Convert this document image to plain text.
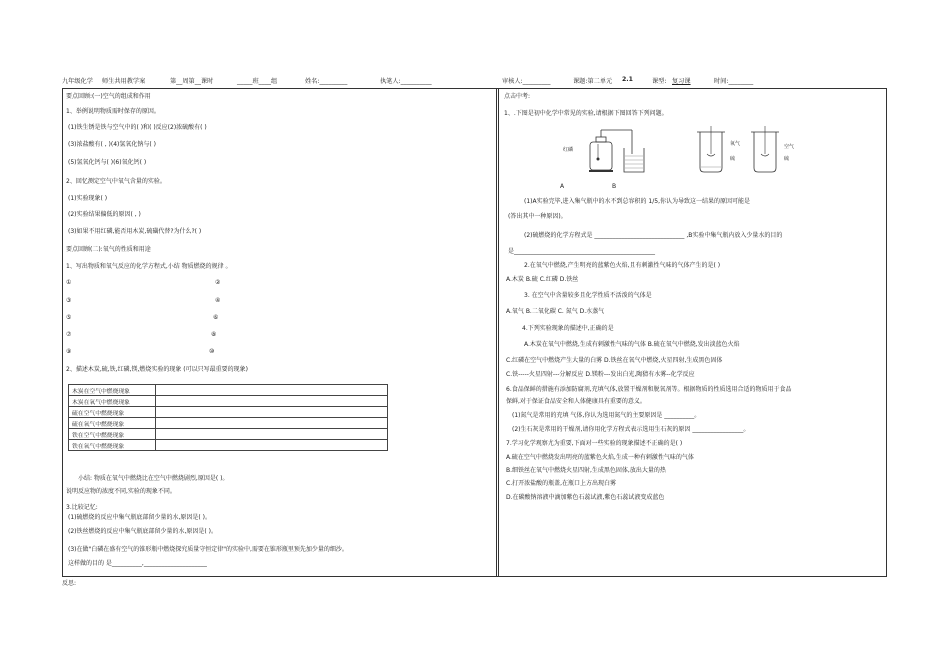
九年级化学 师生共用教学案	第__周第__课时	_____班____组	姓名:_________	执笔人:__________	审核人:_________	课题:第二单元 2.1	课型: 复习课	时间:________
要点回顾:(一)空气的组成和作用
1、举例说明物质需时保存的原因。
(1)铁生锈是铁与空气中的( )和( )反应(2)浓硫酸有( )
(3)浓盐酸有( , )(4)氢氧化钠与( )
(5)氢氧化钙与( )(6)氧化钙( )
2、回忆测定空气中氧气含量的实验。
(1)实验现象( )
(2)实验结果偏低的原因( , )
(3)如果不用红磷,能否用木炭,硫磺代替?为什么?( )
要点回顾(二):氧气的性质和用途
1、写出物质和氧气反应的化学方程式,小结 物质燃烧的规律 。
①	②
③	④
⑤	⑥
⑦	⑧
⑨	⑩
2、描述木炭,硫,铁,红磷,镁,燃烧实验的现象 (可以只写最重要的现象)
木炭在空气中燃烧现象	
木炭在氧气中燃烧现象	
硫在空气中燃烧现象	
硫在氧气中燃烧现象	
铁在空气中燃烧现象	
铁在氧气中燃烧现象	
小结: 物质在氧气中燃烧比在空气中燃烧剧烈,原因是( )。
说明反应物的浓度不同,实验的现象不同。
3.比较记忆:
(1)硫燃烧的反应中集气瓶底部留少量的水,原因是( )。
(2)铁丝燃烧的反应中集气瓶底部留少量的水,原因是( )。
(3)在做"白磷在盛有空气的锥形瓶中燃烧探究质量守恒定律"的实验中,需要在锥形瓶里预先加少量的细沙。
这样做的目的 是__________,_____________________
点击中考:
1、.下图是初中化学中常见的实验,请根据下图回答下列问题。
红磷
氧气
硫
空气
硫
A	B
(1)A实验完毕,进入集气瓶中的水不到总容积的 1/5,你认为导致这一结果的原因可能是
(答出其中一种原因)。
(2)硫燃烧的化学方程式是 ______________________________ ,B实验中集气瓶内放入少量水的目的
是_______________________________________________
2.在氧气中燃烧,产生明亮的蓝紫色火焰,且有刺激性气味的气体产生的是( )
A.木炭 B.硫 C.红磷 D.铁丝
3. 在空气中含量较多且化学性质不活泼的气体是
A.氧气 B.二氧化碳 C. 氮气 D.水蒸气
4.下列实验现象的描述中,正确的是
A.木炭在氧气中燃烧,生成有刺激性气味的气体 B.硫在氧气中燃烧,发出淡蓝色火焰
C.红磷在空气中燃烧产生大量的白雾 D.铁丝在氧气中燃烧,火星四射,生成黑色固体
C.铁-----火星四射---分解反应 D.镁粉---发出白光,陶猜有水雾--化学反应
6.食品保鲜的措施有添加防腐剂,充填气体,放置干燥剂和脱氧剂等。根据物质的性质选用合适的物质用于食品
保鲜,对于保证食品安全和人体健康具有重要的意义。
(1)氮气是常用的充填 气体,你认为选用氮气的主要原因是 __________。
(2)生石灰是常用的干燥剂,请你用化学方程式表示选用生石灰的原因 _________________。
7.学习化学观察尤为重要,下面对一些实验的现象描述不正确的是( )
A.硫在空气中燃烧发出明亮的蓝紫色火焰,生成一种有刺激性气味的气体
B.细铁丝在氧气中燃烧火星四射,生成黑色固体,放出大量的热
C.打开浓盐酸的瓶盖,在瓶口上方出现白雾
D.在碳酸钠溶液中滴加紫色石蕊试液,紫色石蕊试液变成蓝色
反思:
